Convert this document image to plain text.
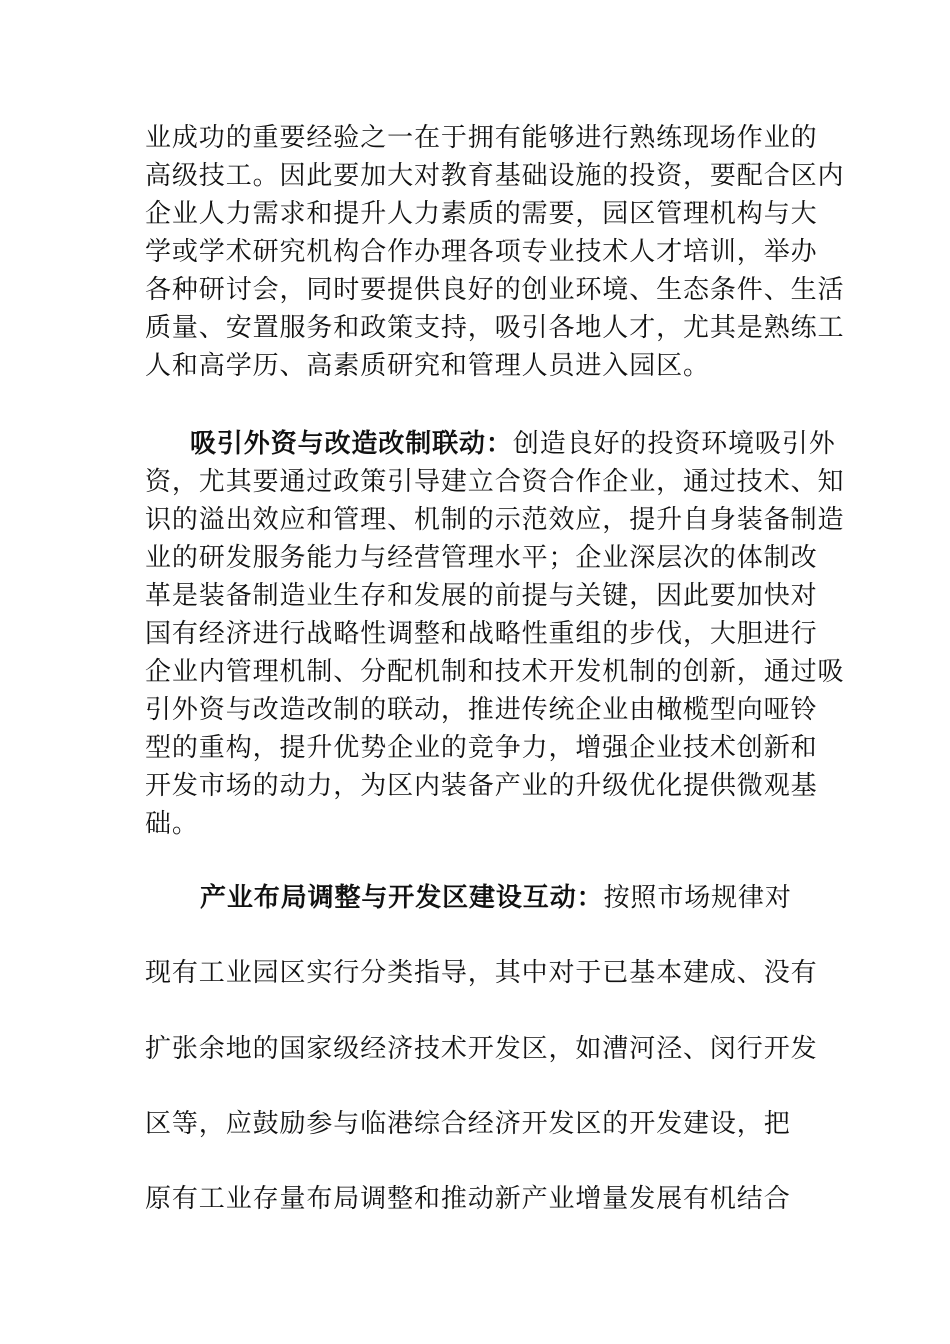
业成功的重要经验之一在于拥有能够进行熟练现场作业的
高级技工。因此要加大对教育基础设施的投资，要配合区内
企业人力需求和提升人力素质的需要，园区管理机构与大
学或学术研究机构合作办理各项专业技术人才培训，举办
各种研讨会，同时要提供良好的创业环境、生态条件、生活
质量、安置服务和政策支持，吸引各地人才，尤其是熟练工
人和高学历、高素质研究和管理人员进入园区。
吸引外资与改造改制联动：创造良好的投资环境吸引外
资，尤其要通过政策引导建立合资合作企业，通过技术、知
识的溢出效应和管理、机制的示范效应，提升自身装备制造
业的研发服务能力与经营管理水平；企业深层次的体制改
革是装备制造业生存和发展的前提与关键，因此要加快对
国有经济进行战略性调整和战略性重组的步伐，大胆进行
企业内管理机制、分配机制和技术开发机制的创新，通过吸
引外资与改造改制的联动，推进传统企业由橄榄型向哑铃
型的重构，提升优势企业的竞争力，增强企业技术创新和
开发市场的动力，为区内装备产业的升级优化提供微观基
础。
产业布局调整与开发区建设互动：按照市场规律对
现有工业园区实行分类指导，其中对于已基本建成、没有
扩张余地的国家级经济技术开发区，如漕河泾、闵行开发
区等，应鼓励参与临港综合经济开发区的开发建设，把
原有工业存量布局调整和推动新产业增量发展有机结合
